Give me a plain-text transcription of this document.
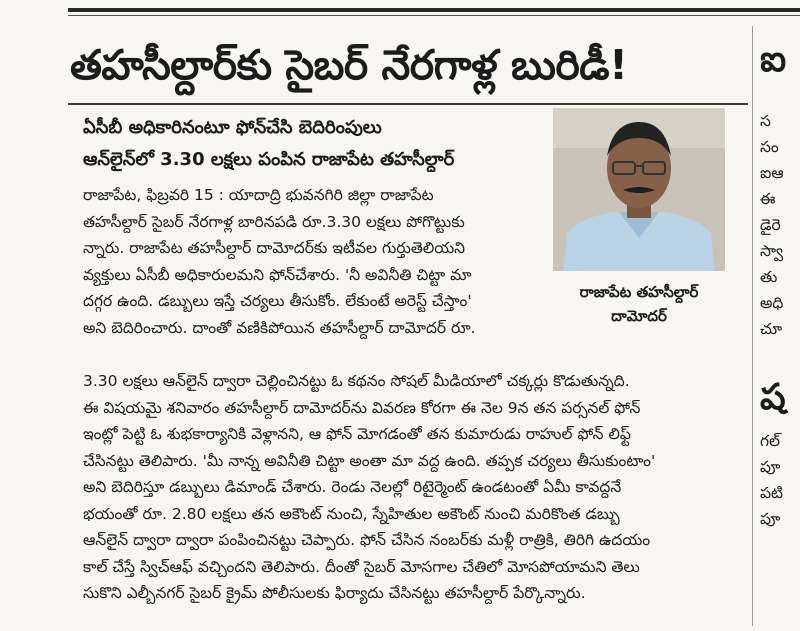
తహసీల్దార్‌కు సైబర్ నేరగాళ్ల బురిడీ!
ఏసీబీ అధికారినంటూ ఫోన్‌చేసి బెదిరింపులు
ఆన్‌లైన్‌లో 3.30 లక్షలు పంపిన రాజాపేట తహసీల్దార్
రాజాపేట తహసీల్దార్
దామోదర్
రాజాపేట, ఫిబ్రవరి 15 : యాదాద్రి భువనగిరి జిల్లా రాజాపేట
తహసీల్దార్ సైబర్ నేరగాళ్ల బారినపడి రూ.3.30 లక్షలు పోగొట్టుకు
న్నారు. రాజాపేట తహసీల్దార్ దామోదర్‌కు ఇటీవల గుర్తుతెలియని
వ్యక్తులు ఏసీబీ అధికారులమని ఫోన్‌చేశారు. 'నీ అవినీతి చిట్టా మా
దగ్గర ఉంది. డబ్బులు ఇస్తే చర్యలు తీసుకోం. లేకుంటే అరెస్ట్ చేస్తాం'
అని బెదిరించారు. దాంతో వణికిపోయిన తహసీల్దార్ దామోదర్ రూ.
3.30 లక్షలు ఆన్‌లైన్ ద్వారా చెల్లించినట్టు ఓ కథనం సోషల్ మీడియాలో చక్కర్లు కొడుతున్నది.
ఈ విషయమై శనివారం తహసీల్దార్ దామోదర్‌ను వివరణ కోరగా ఈ నెల 9న తన పర్సనల్ ఫోన్
ఇంట్లో పెట్టి ఓ శుభకార్యానికి వెళ్లానని, ఆ ఫోన్ మోగడంతో తన కుమారుడు రాహుల్ ఫోన్ లిఫ్ట్
చేసినట్టు తెలిపారు. 'మీ నాన్న అవినీతి చిట్టా అంతా మా వద్ద ఉంది. తప్పక చర్యలు తీసుకుంటాం'
అని బెదిరిస్తూ డబ్బులు డిమాండ్ చేశారు. రెండు నెలల్లో రిటైర్మెంట్ ఉండటంతో ఏమీ కావద్దనే
భయంతో రూ. 2.80 లక్షలు తన అకౌంట్ నుంచి, స్నేహితుల అకౌంట్ నుంచి మరికొంత డబ్బు
ఆన్‌లైన్ ద్వారా ద్వారా పంపించినట్టు చెప్పారు. ఫోన్ చేసిన నంబర్‌కు మళ్లీ రాత్రికి, తిరిగి ఉదయం
కాల్ చేస్తే స్విచ్‌ఆఫ్ వచ్చిందని తెలిపారు. దీంతో సైబర్ మోసగాల చేతిలో మోసపోయామని తెలు
సుకొని ఎల్బీనగర్ సైబర్ క్రైమ్ పోలీసులకు ఫిర్యాదు చేసినట్టు తహసీల్దార్ పేర్కొన్నారు.
ఐ
స
సం
ఐఆ
ఈ
డైరె
స్వా
తు
అధి
చూ
ష
గల్
పూ
పటి
పూ
